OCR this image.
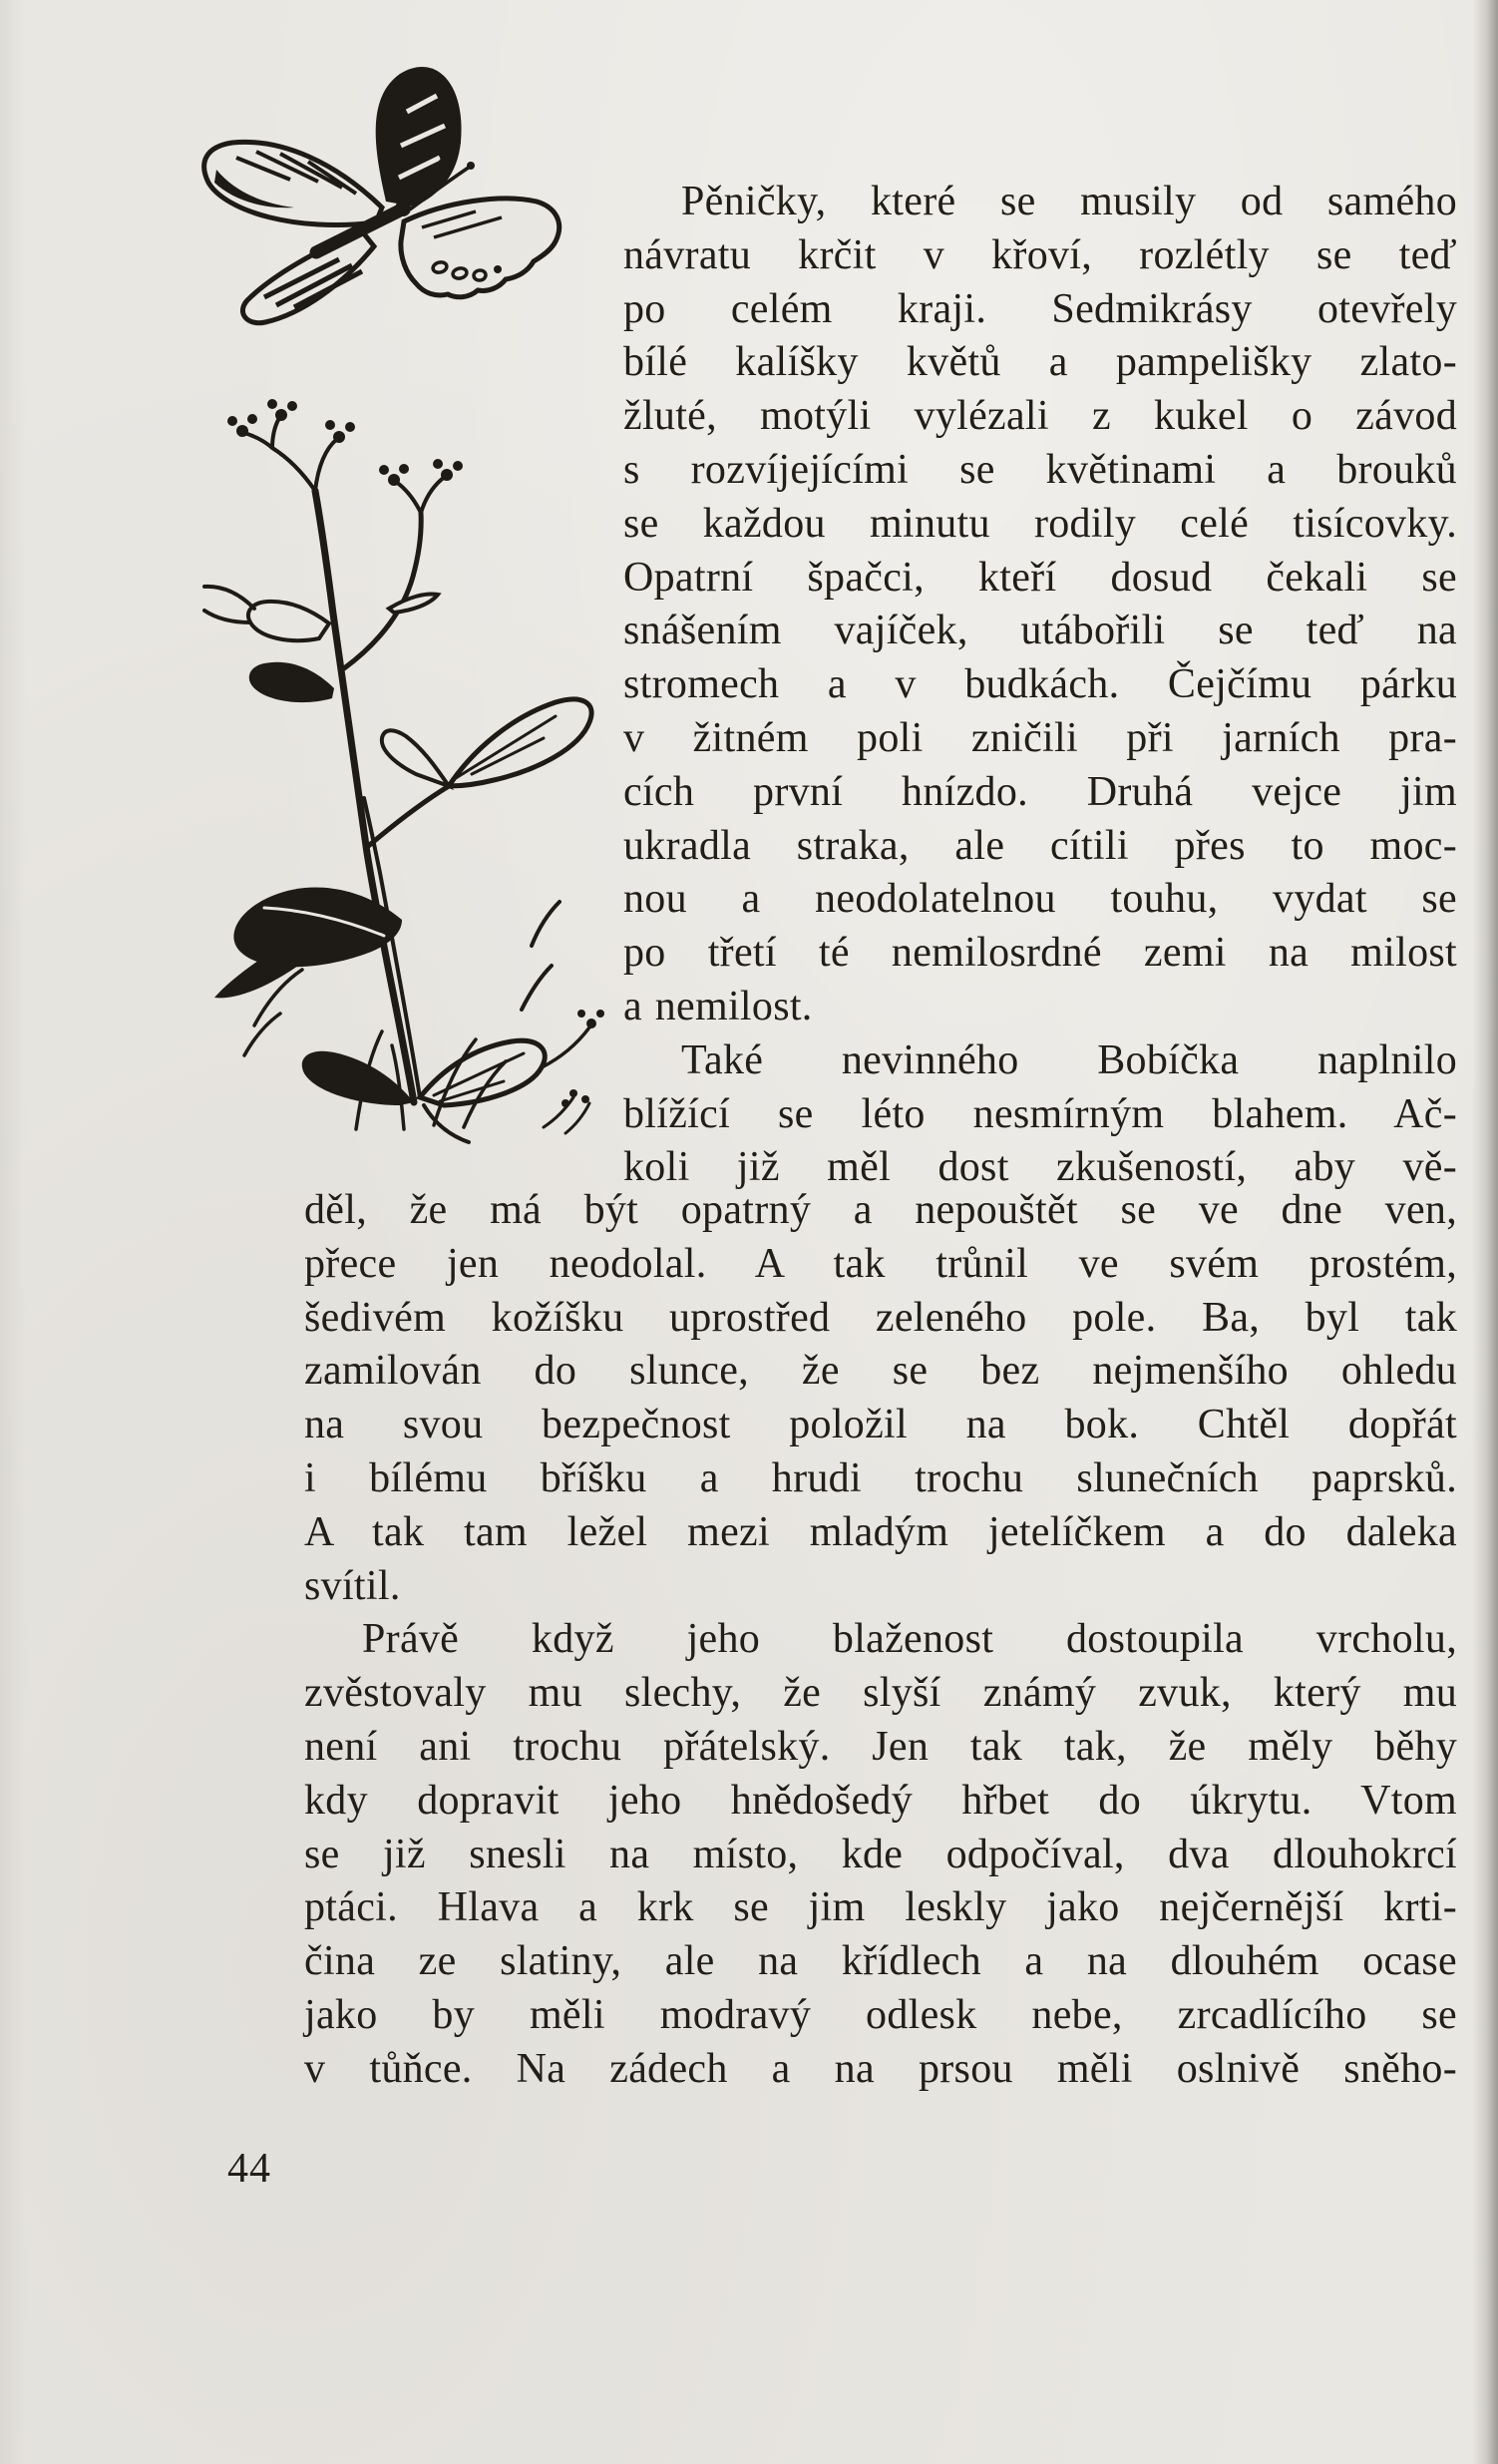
Pěničky, které se musily od samého
návratu krčit v křoví, rozlétly se teď
po celém kraji. Sedmikrásy otevřely
bílé kalíšky květů a pampelišky zlato-
žluté, motýli vylézali z kukel o závod
s rozvíjejícími se květinami a brouků
se každou minutu rodily celé tisícovky.
Opatrní špačci, kteří dosud čekali se
snášením vajíček, utábořili se teď na
stromech a v budkách. Čejčímu párku
v žitném poli zničili při jarních pra-
cích první hnízdo. Druhá vejce jim
ukradla straka, ale cítili přes to moc-
nou a neodolatelnou touhu, vydat se
po třetí té nemilosrdné zemi na milost
a nemilost.
Také nevinného Bobíčka naplnilo
blížící se léto nesmírným blahem. Ač-
koli již měl dost zkušeností, aby vě-
děl, že má být opatrný a nepouštět se ve dne ven,
přece jen neodolal. A tak trůnil ve svém prostém,
šedivém kožíšku uprostřed zeleného pole. Ba, byl tak
zamilován do slunce, že se bez nejmenšího ohledu
na svou bezpečnost položil na bok. Chtěl dopřát
i bílému bříšku a hrudi trochu slunečních paprsků.
A tak tam ležel mezi mladým jetelíčkem a do daleka
svítil.
Právě když jeho blaženost dostoupila vrcholu,
zvěstovaly mu slechy, že slyší známý zvuk, který mu
není ani trochu přátelský. Jen tak tak, že měly běhy
kdy dopravit jeho hnědošedý hřbet do úkrytu. Vtom
se již snesli na místo, kde odpočíval, dva dlouhokrcí
ptáci. Hlava a krk se jim leskly jako nejčernější krti-
čina ze slatiny, ale na křídlech a na dlouhém ocase
jako by měli modravý odlesk nebe, zrcadlícího se
v tůňce. Na zádech a na prsou měli oslnivě sněho-
44
